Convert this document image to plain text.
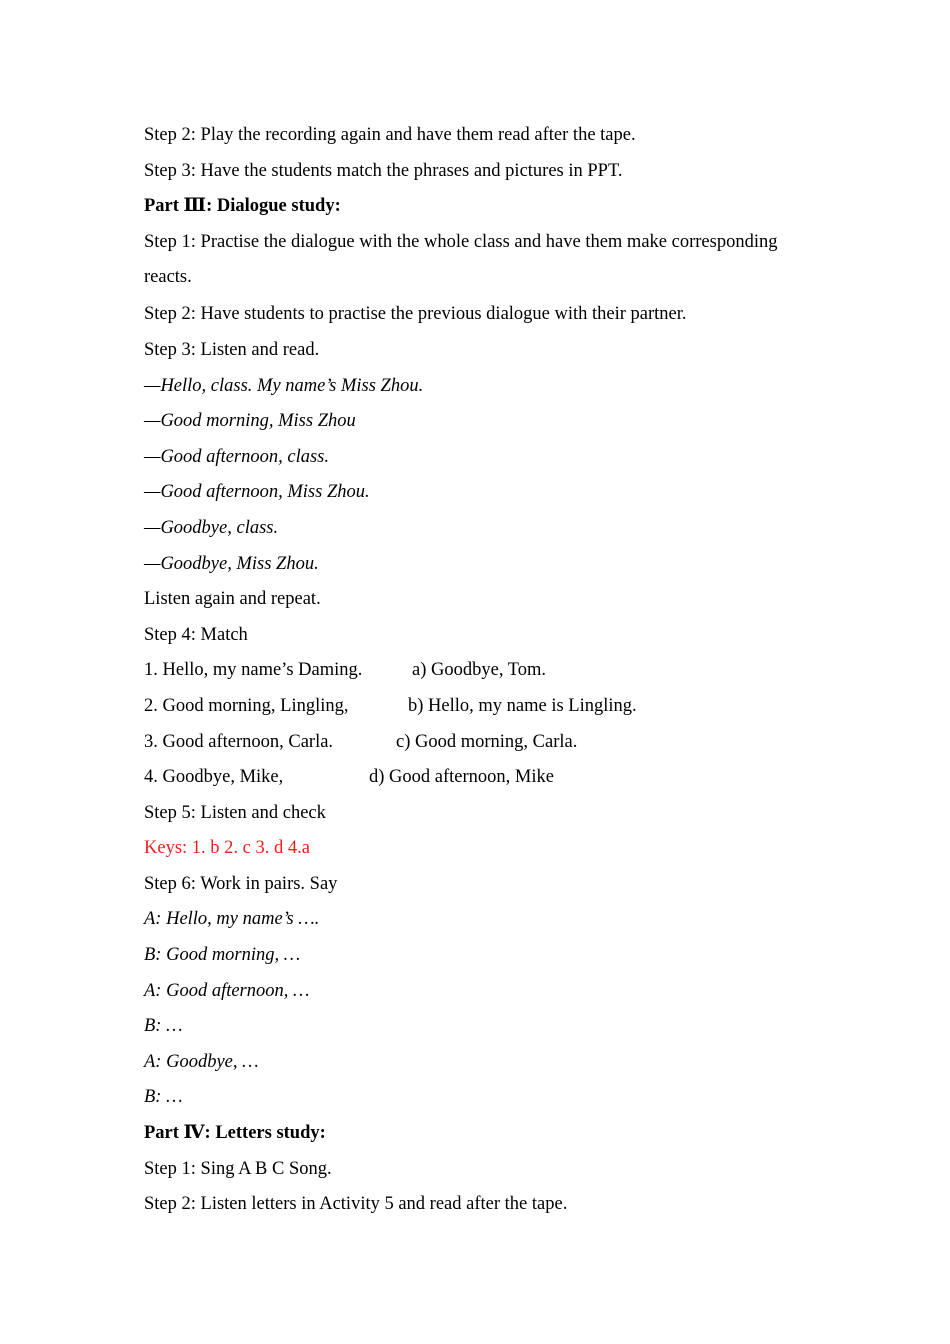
Step 2: Play the recording again and have them read after the tape.
Step 3: Have the students match the phrases and pictures in PPT.
Part Ⅲ: Dialogue study:
Step 1: Practise the dialogue with the whole class and have them make corresponding
reacts.
Step 2: Have students to practise the previous dialogue with their partner.
Step 3: Listen and read.
—Hello, class. My name’s Miss Zhou.
—Good morning, Miss Zhou
—Good afternoon, class.
—Good afternoon, Miss Zhou.
—Goodbye, class.
—Goodbye, Miss Zhou.
Listen again and repeat.
Step 4: Match
1. Hello, my name’s Daming.	a) Goodbye, Tom.
2. Good morning, Lingling,	b) Hello, my name is Lingling.
3. Good afternoon, Carla.	c) Good morning, Carla.
4. Goodbye, Mike,	d) Good afternoon, Mike
Step 5: Listen and check
Keys: 1. b 2. c 3. d 4.a
Step 6: Work in pairs. Say
A: Hello, my name’s ….
B: Good morning, …
A: Good afternoon, …
B: …
A: Goodbye, …
B: …
Part Ⅳ: Letters study:
Step 1: Sing A B C Song.
Step 2: Listen letters in Activity 5 and read after the tape.
